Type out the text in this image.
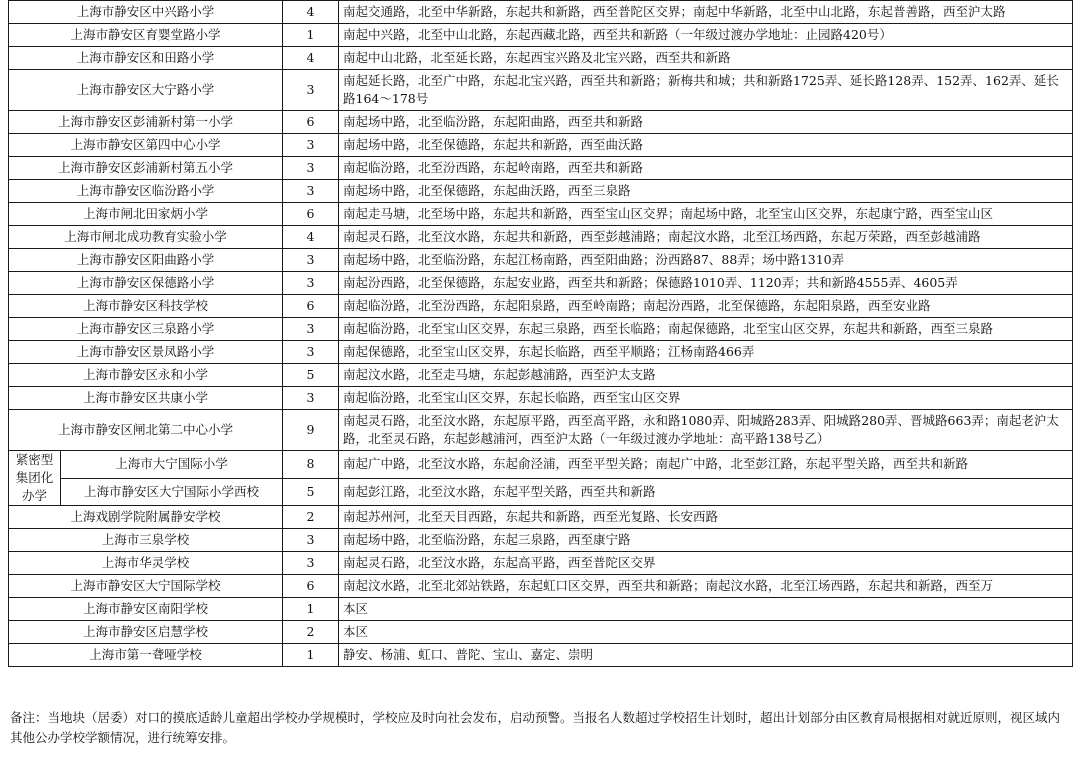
上海市静安区中兴路小学		4	南起交通路，北至中华新路，东起共和新路，西至普陀区交界；南起中华新路，北至中山北路，东起普善路，西至沪太路
上海市静安区育婴堂路小学		1	南起中兴路，北至中山北路，东起西藏北路，西至共和新路（一年级过渡办学地址：止园路420号）
上海市静安区和田路小学		4	南起中山北路，北至延长路，东起西宝兴路及北宝兴路，西至共和新路
上海市静安区大宁路小学		3	南起延长路，北至广中路，东起北宝兴路，西至共和新路；新梅共和城；共和新路1725弄、延长路128弄、152弄、162弄、延长路164～178号
上海市静安区彭浦新村第一小学		6	南起场中路，北至临汾路，东起阳曲路，西至共和新路
上海市静安区第四中心小学		3	南起场中路，北至保德路，东起共和新路，西至曲沃路
上海市静安区彭浦新村第五小学		3	南起临汾路，北至汾西路，东起岭南路，西至共和新路
上海市静安区临汾路小学		3	南起场中路，北至保德路，东起曲沃路，西至三泉路
上海市闸北田家炳小学		6	南起走马塘，北至场中路，东起共和新路，西至宝山区交界；南起场中路，北至宝山区交界，东起康宁路，西至宝山区
上海市闸北成功教育实验小学		4	南起灵石路，北至汶水路，东起共和新路，西至彭越浦路；南起汶水路，北至江场西路，东起万荣路，西至彭越浦路
上海市静安区阳曲路小学		3	南起场中路，北至临汾路，东起江杨南路，西至阳曲路；汾西路87、88弄；场中路1310弄
上海市静安区保德路小学		3	南起汾西路，北至保德路，东起安业路，西至共和新路；保德路1010弄、1120弄；共和新路4555弄、4605弄
上海市静安区科技学校		6	南起临汾路，北至汾西路，东起阳泉路，西至岭南路；南起汾西路，北至保德路，东起阳泉路，西至安业路
上海市静安区三泉路小学		3	南起临汾路，北至宝山区交界，东起三泉路，西至长临路；南起保德路，北至宝山区交界，东起共和新路，西至三泉路
上海市静安区景凤路小学		3	南起保德路，北至宝山区交界，东起长临路，西至平顺路；江杨南路466弄
上海市静安区永和小学		5	南起汶水路，北至走马塘，东起彭越浦路，西至沪太支路
上海市静安区共康小学		3	南起临汾路，北至宝山区交界，东起长临路，西至宝山区交界
上海市静安区闸北第二中心小学		9	南起灵石路，北至汶水路，东起原平路，西至高平路，永和路1080弄、阳城路283弄、阳城路280弄、晋城路663弄；南起老沪太路，北至灵石路，东起彭越浦河，西至沪太路（一年级过渡办学地址：高平路138号乙）
紧密型集团化办学	上海市大宁国际小学	8	南起广中路，北至汶水路，东起俞泾浦，西至平型关路；南起广中路，北至彭江路，东起平型关路，西至共和新路
	上海市静安区大宁国际小学西校	5	南起彭江路，北至汶水路，东起平型关路，西至共和新路
上海戏剧学院附属静安学校		2	南起苏州河，北至天目西路，东起共和新路，西至光复路、长安西路
上海市三泉学校		3	南起场中路，北至临汾路，东起三泉路，西至康宁路
上海市华灵学校		3	南起灵石路，北至汶水路，东起高平路，西至普陀区交界
上海市静安区大宁国际学校		6	南起汶水路，北至北郊站铁路，东起虹口区交界，西至共和新路；南起汶水路，北至江场西路，东起共和新路，西至万
上海市静安区南阳学校		1	本区
上海市静安区启慧学校		2	本区
上海市第一聋哑学校		1	静安、杨浦、虹口、普陀、宝山、嘉定、崇明
备注：当地块（居委）对口的摸底适龄儿童超出学校办学规模时，学校应及时向社会发布，启动预警。当报名人数超过学校招生计划时，超出计划部分由区教育局根据相对就近原则，视区域内其他公办学校学额情况，进行统筹安排。
